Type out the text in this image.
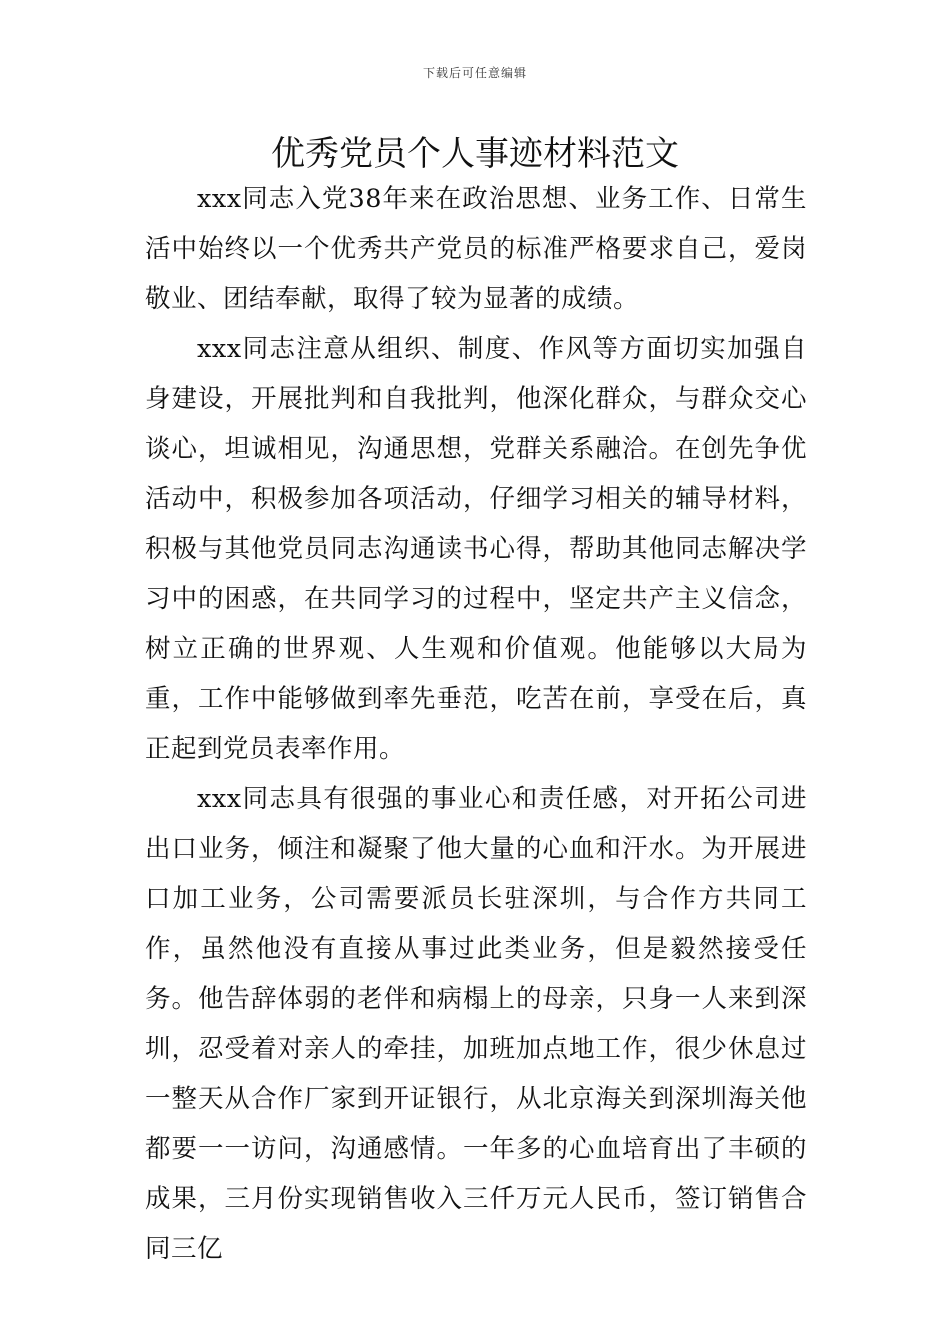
下载后可任意编辑
优秀党员个人事迹材料范文

xxx同志入党38年来在政治思想、业务工作、日常生活中始终以一个优秀共产党员的标准严格要求自己，爱岗敬业、团结奉献，取得了较为显著的成绩。

xxx同志注意从组织、制度、作风等方面切实加强自身建设，开展批判和自我批判，他深化群众，与群众交心谈心，坦诚相见，沟通思想，党群关系融洽。在创先争优活动中，积极参加各项活动，仔细学习相关的辅导材料，积极与其他党员同志沟通读书心得，帮助其他同志解决学习中的困惑，在共同学习的过程中，坚定共产主义信念，树立正确的世界观、人生观和价值观。他能够以大局为重，工作中能够做到率先垂范，吃苦在前，享受在后，真正起到党员表率作用。

xxx同志具有很强的事业心和责任感，对开拓公司进出口业务，倾注和凝聚了他大量的心血和汗水。为开展进口加工业务，公司需要派员长驻深圳，与合作方共同工作，虽然他没有直接从事过此类业务，但是毅然接受任务。他告辞体弱的老伴和病榻上的母亲，只身一人来到深圳，忍受着对亲人的牵挂，加班加点地工作，很少休息过一整天从合作厂家到开证银行，从北京海关到深圳海关他都要一一访问，沟通感情。一年多的心血培育出了丰硕的成果，三月份实现销售收入三仟万元人民币，签订销售合同三亿
